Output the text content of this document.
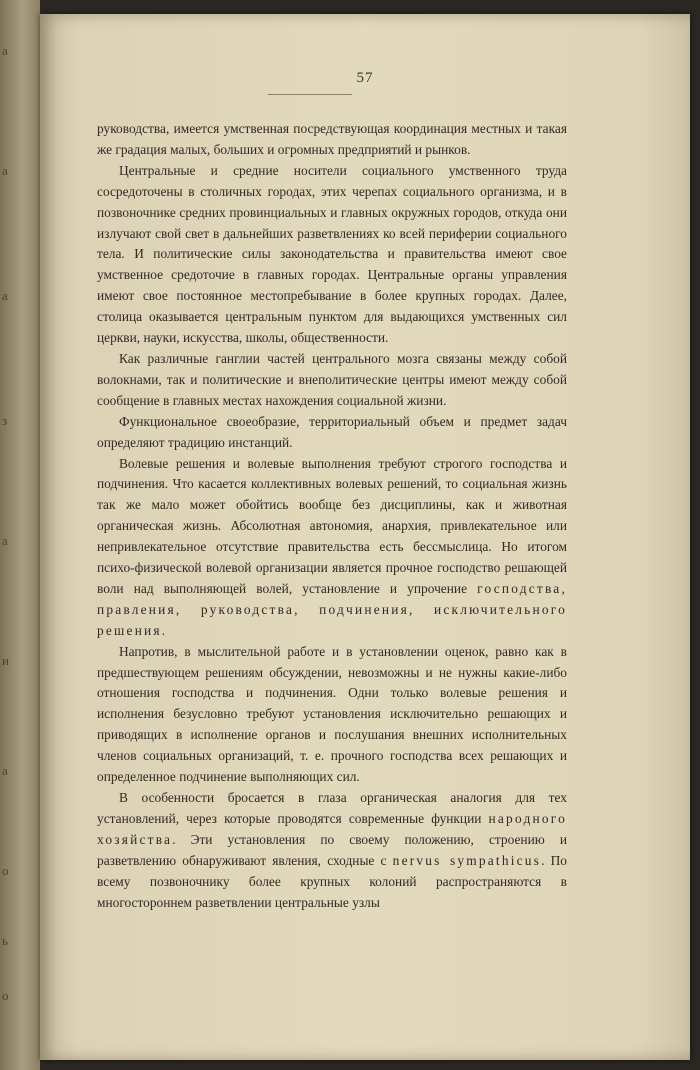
а
а
а
з
а
и
а
о
ь
о
57

руководства, имеется умственная посредствующая координация местных и такая же градация малых, больших и огромных предприятий и рынков.

Центральные и средние носители социального умственного труда сосредоточены в столичных городах, этих черепах социального организма, и в позвоночнике средних провинциальных и главных окружных городов, откуда они излучают свой свет в дальнейших разветвлениях ко всей периферии социального тела. И политические силы законодательства и правительства имеют свое умственное средоточие в главных городах. Центральные органы управления имеют свое постоянное местопребывание в более крупных городах. Далее, столица оказывается центральным пунктом для выдающихся умственных сил церкви, науки, искусства, школы, общественности.

Как различные ганглии частей центрального мозга связаны между собой волокнами, так и политические и внеполитические центры имеют между собой сообщение в главных местах нахождения социальной жизни.

Функциональное своеобразие, территориальный объем и предмет задач определяют традицию инстанций.

Волевые решения и волевые выполнения требуют строгого господства и подчинения. Что касается коллективных волевых решений, то социальная жизнь так же мало может обойтись вообще без дисциплины, как и животная органическая жизнь. Абсолютная автономия, анархия, привлекательное или непривлекательное отсутствие правительства есть бессмыслица. Но итогом психо-физической волевой организации является прочное господство решающей воли над выполняющей волей, установление и упрочение господства, правления, руководства, подчинения, исключительного решения.

Напротив, в мыслительной работе и в установлении оценок, равно как в предшествующем решениям обсуждении, невозможны и не нужны какие-либо отношения господства и подчинения. Одни только волевые решения и исполнения безусловно требуют установления исключительно решающих и приводящих в исполнение органов и послушания внешних исполнительных членов социальных организаций, т. е. прочного господства всех решающих и определенное подчинение выполняющих сил.

В особенности бросается в глаза органическая аналогия для тех установлений, через которые проводятся современные функции народного хозяйства. Эти установления по своему положению, строению и разветвлению обнаруживают явления, сходные с nervus sympathicus. По всему позвоночнику более крупных колоний распространяются в многостороннем разветвлении центральные узлы
